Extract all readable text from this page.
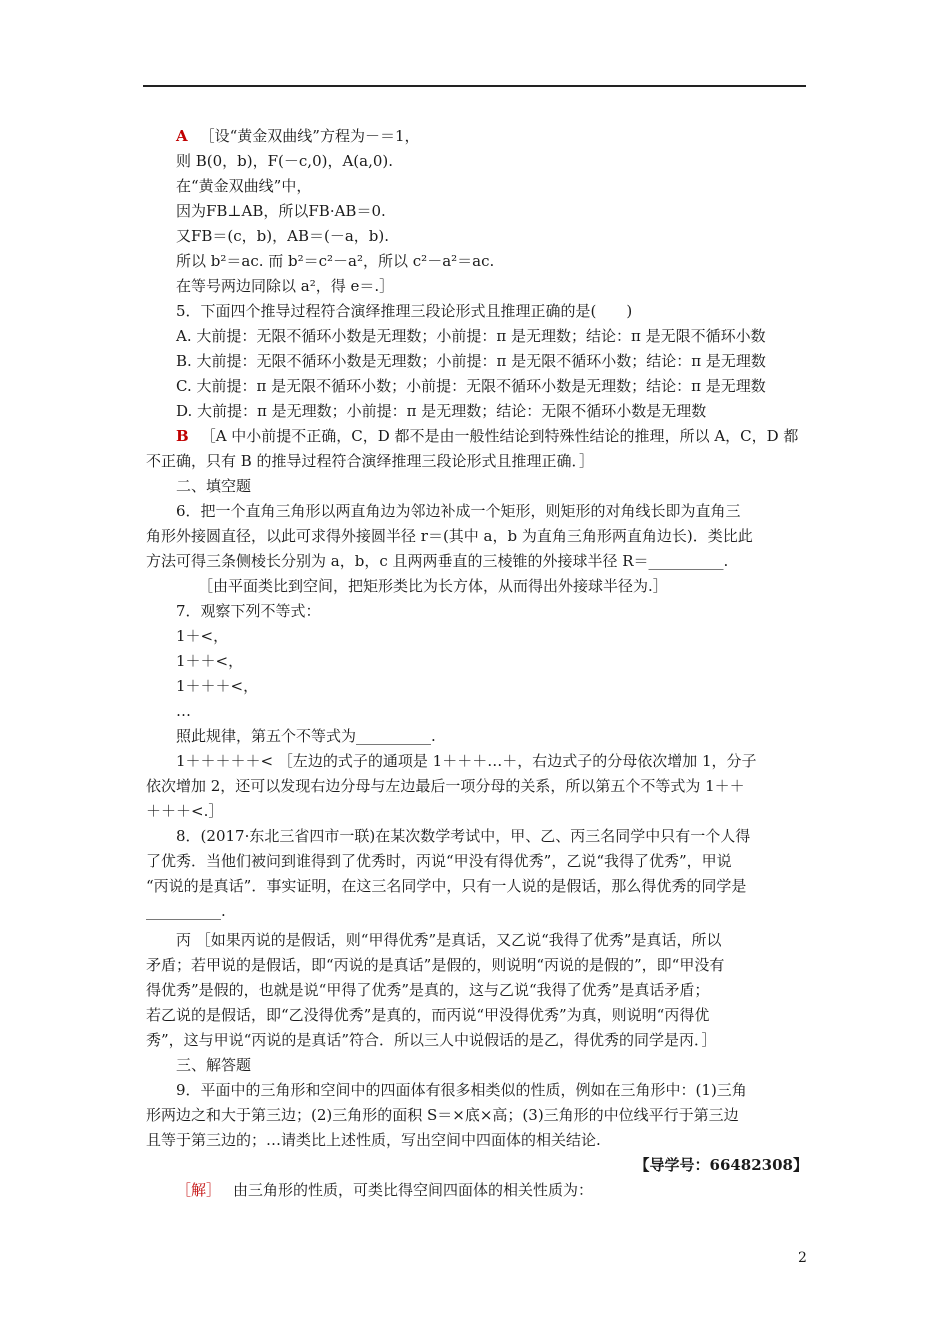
A ［设“黄金双曲线”方程为－＝1，
则 B(0，b)，F(－c,0)，A(a,0).
在“黄金双曲线”中，
因为FB⊥AB，所以FB·AB＝0.
又FB＝(c，b)，AB＝(－a，b).
所以 b²＝ac. 而 b²＝c²－a²，所以 c²－a²＝ac.
在等号两边同除以 a²，得 e＝.］
5．下面四个推导过程符合演绎推理三段论形式且推理正确的是(　　)
A. 大前提：无限不循环小数是无理数；小前提：π 是无理数；结论：π 是无限不循环小数
B. 大前提：无限不循环小数是无理数；小前提：π 是无限不循环小数；结论：π 是无理数
C. 大前提：π 是无限不循环小数；小前提：无限不循环小数是无理数；结论：π 是无理数
D. 大前提：π 是无理数；小前提：π 是无理数；结论：无限不循环小数是无理数
B ［A 中小前提不正确，C，D 都不是由一般性结论到特殊性结论的推理，所以 A，C，D 都
不正确，只有 B 的推导过程符合演绎推理三段论形式且推理正确．］
二、填空题
6．把一个直角三角形以两直角边为邻边补成一个矩形，则矩形的对角线长即为直角三
角形外接圆直径，以此可求得外接圆半径 r＝(其中 a，b 为直角三角形两直角边长)．类比此
方法可得三条侧棱长分别为 a，b，c 且两两垂直的三棱锥的外接球半径 R＝__________.
［由平面类比到空间，把矩形类比为长方体，从而得出外接球半径为.］
7．观察下列不等式：
1＋<，
1＋＋<，
1＋＋＋<，
…
照此规律，第五个不等式为__________.
1＋＋＋＋＋< ［左边的式子的通项是 1＋＋＋…＋，右边式子的分母依次增加 1，分子
依次增加 2，还可以发现右边分母与左边最后一项分母的关系，所以第五个不等式为 1＋＋
＋＋＋<.］
8．(2017·东北三省四市一联)在某次数学考试中，甲、乙、丙三名同学中只有一个人得
了优秀．当他们被问到谁得到了优秀时，丙说“甲没有得优秀”，乙说“我得了优秀”，甲说
“丙说的是真话”．事实证明，在这三名同学中，只有一人说的是假话，那么得优秀的同学是
__________.
丙 ［如果丙说的是假话，则“甲得优秀”是真话，又乙说“我得了优秀”是真话，所以
矛盾；若甲说的是假话，即“丙说的是真话”是假的，则说明“丙说的是假的”，即“甲没有
得优秀”是假的，也就是说“甲得了优秀”是真的，这与乙说“我得了优秀”是真话矛盾；
若乙说的是假话，即“乙没得优秀”是真的，而丙说“甲没得优秀”为真，则说明“丙得优
秀”，这与甲说“丙说的是真话”符合．所以三人中说假话的是乙，得优秀的同学是丙．］
三、解答题
9．平面中的三角形和空间中的四面体有很多相类似的性质，例如在三角形中：(1)三角
形两边之和大于第三边；(2)三角形的面积 S＝×底×高；(3)三角形的中位线平行于第三边
且等于第三边的；…请类比上述性质，写出空间中四面体的相关结论.
【导学号：66482308】
［解］ 由三角形的性质，可类比得空间四面体的相关性质为：
2
